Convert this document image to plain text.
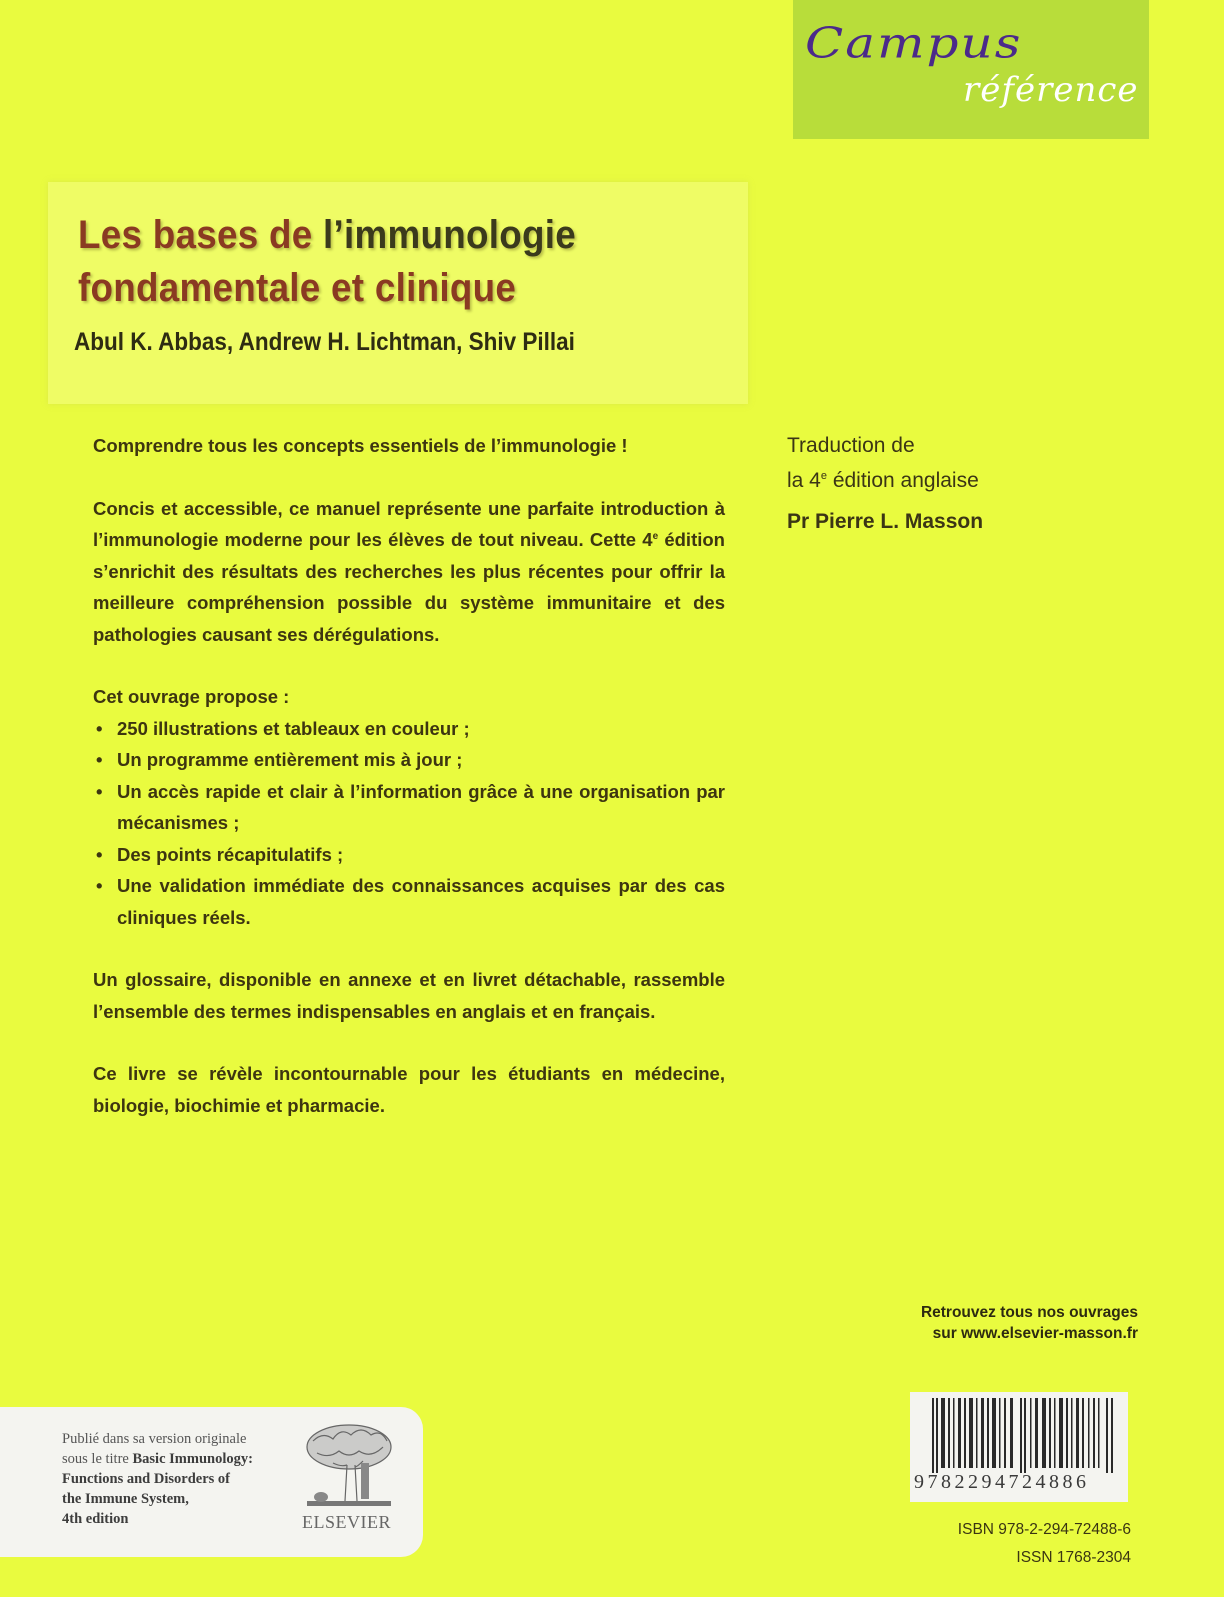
Campus
référence
Les bases de l’immunologie
fondamentale et clinique
Abul K. Abbas, Andrew H. Lichtman, Shiv Pillai
Traduction de
la 4e édition anglaise
Pr Pierre L. Masson

Comprendre tous les concepts essentiels de l’immunologie !

Concis et accessible, ce manuel représente une parfaite introduction à l’immunologie moderne pour les élèves de tout niveau. Cette 4e édition s’enrichit des résultats des recherches les plus récentes pour offrir la meilleure compréhension possible du système immunitaire et des pathologies causant ses dérégulations.

Cet ouvrage propose :

• 250 illustrations et tableaux en couleur ;
• Un programme entièrement mis à jour ;
• Un accès rapide et clair à l’information grâce à une organisation par mécanismes ;
• Des points récapitulatifs ;
• Une validation immédiate des connaissances acquises par des cas cliniques réels.

Un glossaire, disponible en annexe et en livret détachable, rassemble l’ensemble des termes indispensables en anglais et en français.

Ce livre se révèle incontournable pour les étudiants en médecine, biologie, biochimie et pharmacie.

Retrouvez tous nos ouvrages
sur www.elsevier-masson.fr
9782294724886
ISBN 978-2-294-72488-6
ISSN 1768-2304
Publié dans sa version originale
sous le titre Basic Immunology:
Functions and Disorders of
the Immune System,
4th edition	ELSEVIER
